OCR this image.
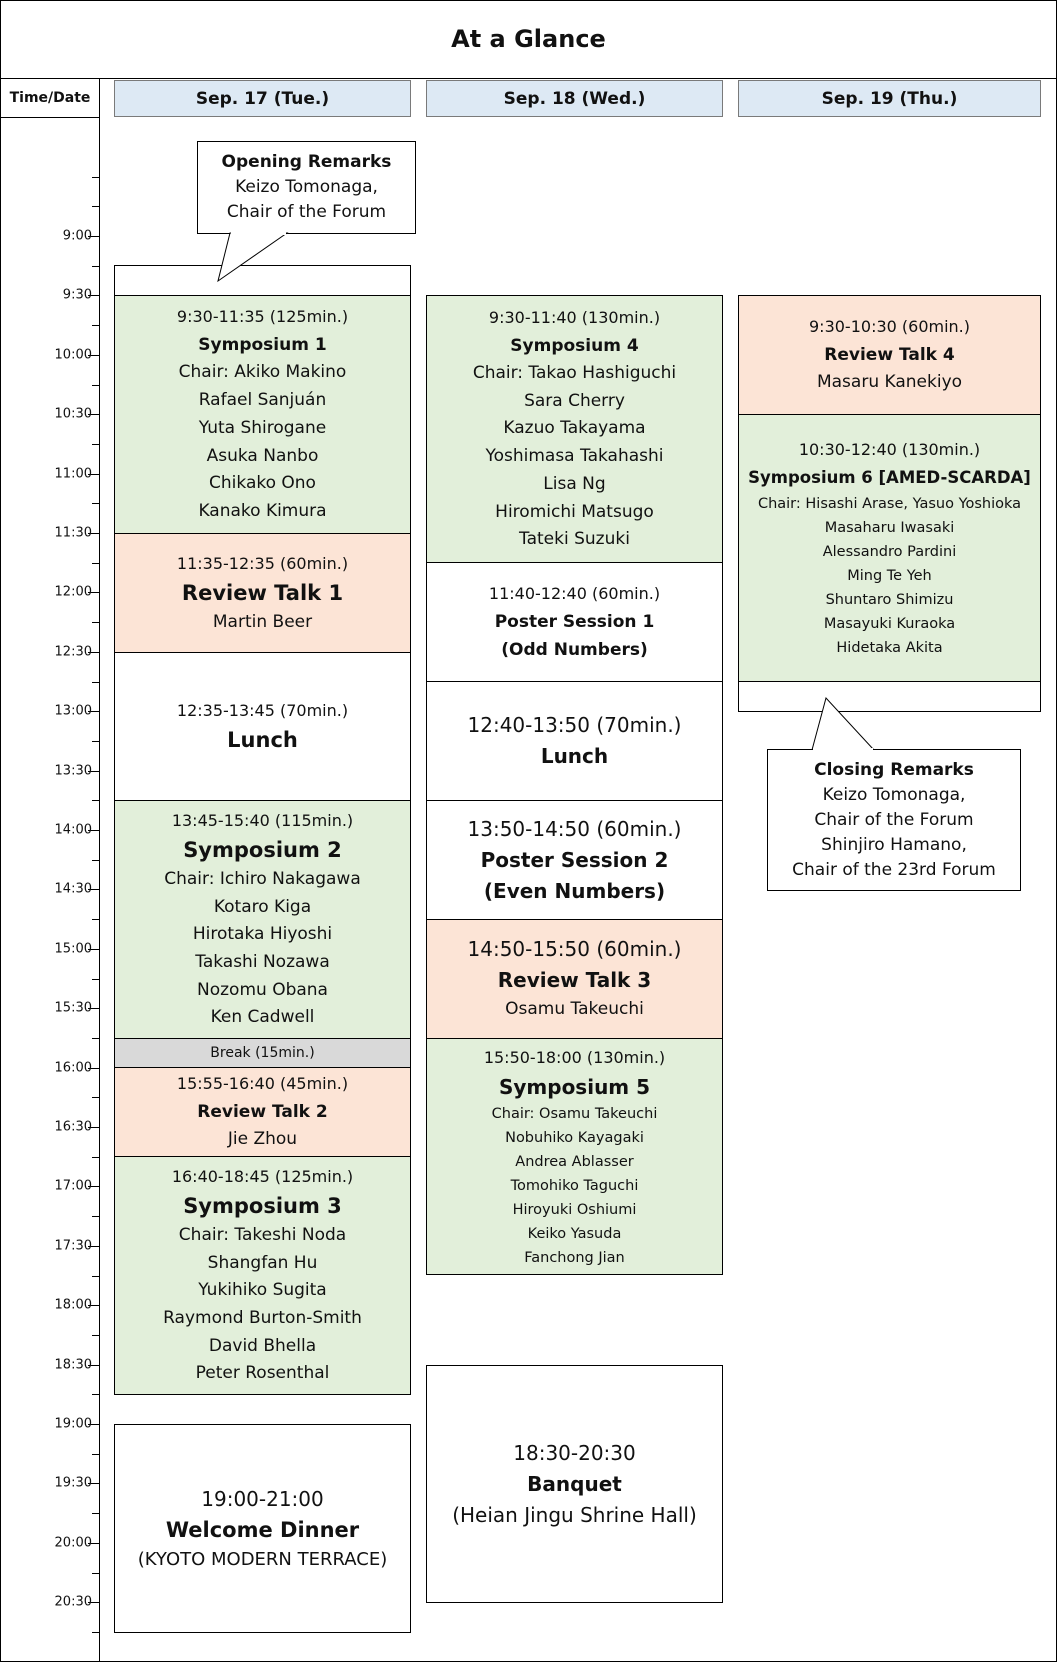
At a Glance
Time/Date
9:00
9:30
10:00
10:30
11:00
11:30
12:00
12:30
13:00
13:30
14:00
14:30
15:00
15:30
16:00
16:30
17:00
17:30
18:00
18:30
19:00
19:30
20:00
20:30
Sep. 17 (Tue.)	Sep. 18 (Wed.)	Sep. 19 (Thu.)
9:30-11:35 (125min.)
Symposium 1
Chair: Akiko Makino
Rafael Sanjuán
Yuta Shirogane
Asuka Nanbo
Chikako Ono
Kanako Kimura
11:35-12:35 (60min.)
Review Talk 1
Martin Beer
12:35-13:45 (70min.)
Lunch
13:45-15:40 (115min.)
Symposium 2
Chair: Ichiro Nakagawa
Kotaro Kiga
Hirotaka Hiyoshi
Takashi Nozawa
Nozomu Obana
Ken Cadwell
Break (15min.)
15:55-16:40 (45min.)
Review Talk 2
Jie Zhou
16:40-18:45 (125min.)
Symposium 3
Chair: Takeshi Noda
Shangfan Hu
Yukihiko Sugita
Raymond Burton-Smith
David Bhella
Peter Rosenthal
19:00-21:00
Welcome Dinner
(KYOTO MODERN TERRACE)
9:30-11:40 (130min.)
Symposium 4
Chair: Takao Hashiguchi
Sara Cherry
Kazuo Takayama
Yoshimasa Takahashi
Lisa Ng
Hiromichi Matsugo
Tateki Suzuki
11:40-12:40 (60min.)
Poster Session 1
(Odd Numbers)
12:40-13:50 (70min.)
Lunch
13:50-14:50 (60min.)
Poster Session 2
(Even Numbers)
14:50-15:50 (60min.)
Review Talk 3
Osamu Takeuchi
15:50-18:00 (130min.)
Symposium 5
Chair: Osamu Takeuchi
Nobuhiko Kayagaki
Andrea Ablasser
Tomohiko Taguchi
Hiroyuki Oshiumi
Keiko Yasuda
Fanchong Jian
18:30-20:30
Banquet
(Heian Jingu Shrine Hall)
9:30-10:30 (60min.)
Review Talk 4
Masaru Kanekiyo
10:30-12:40 (130min.)
Symposium 6 [AMED-SCARDA]
Chair: Hisashi Arase, Yasuo Yoshioka
Masaharu Iwasaki
Alessandro Pardini
Ming Te Yeh
Shuntaro Shimizu
Masayuki Kuraoka
Hidetaka Akita
Opening Remarks
Keizo Tomonaga,
Chair of the Forum
Closing Remarks
Keizo Tomonaga,
Chair of the Forum
Shinjiro Hamano,
Chair of the 23rd Forum
